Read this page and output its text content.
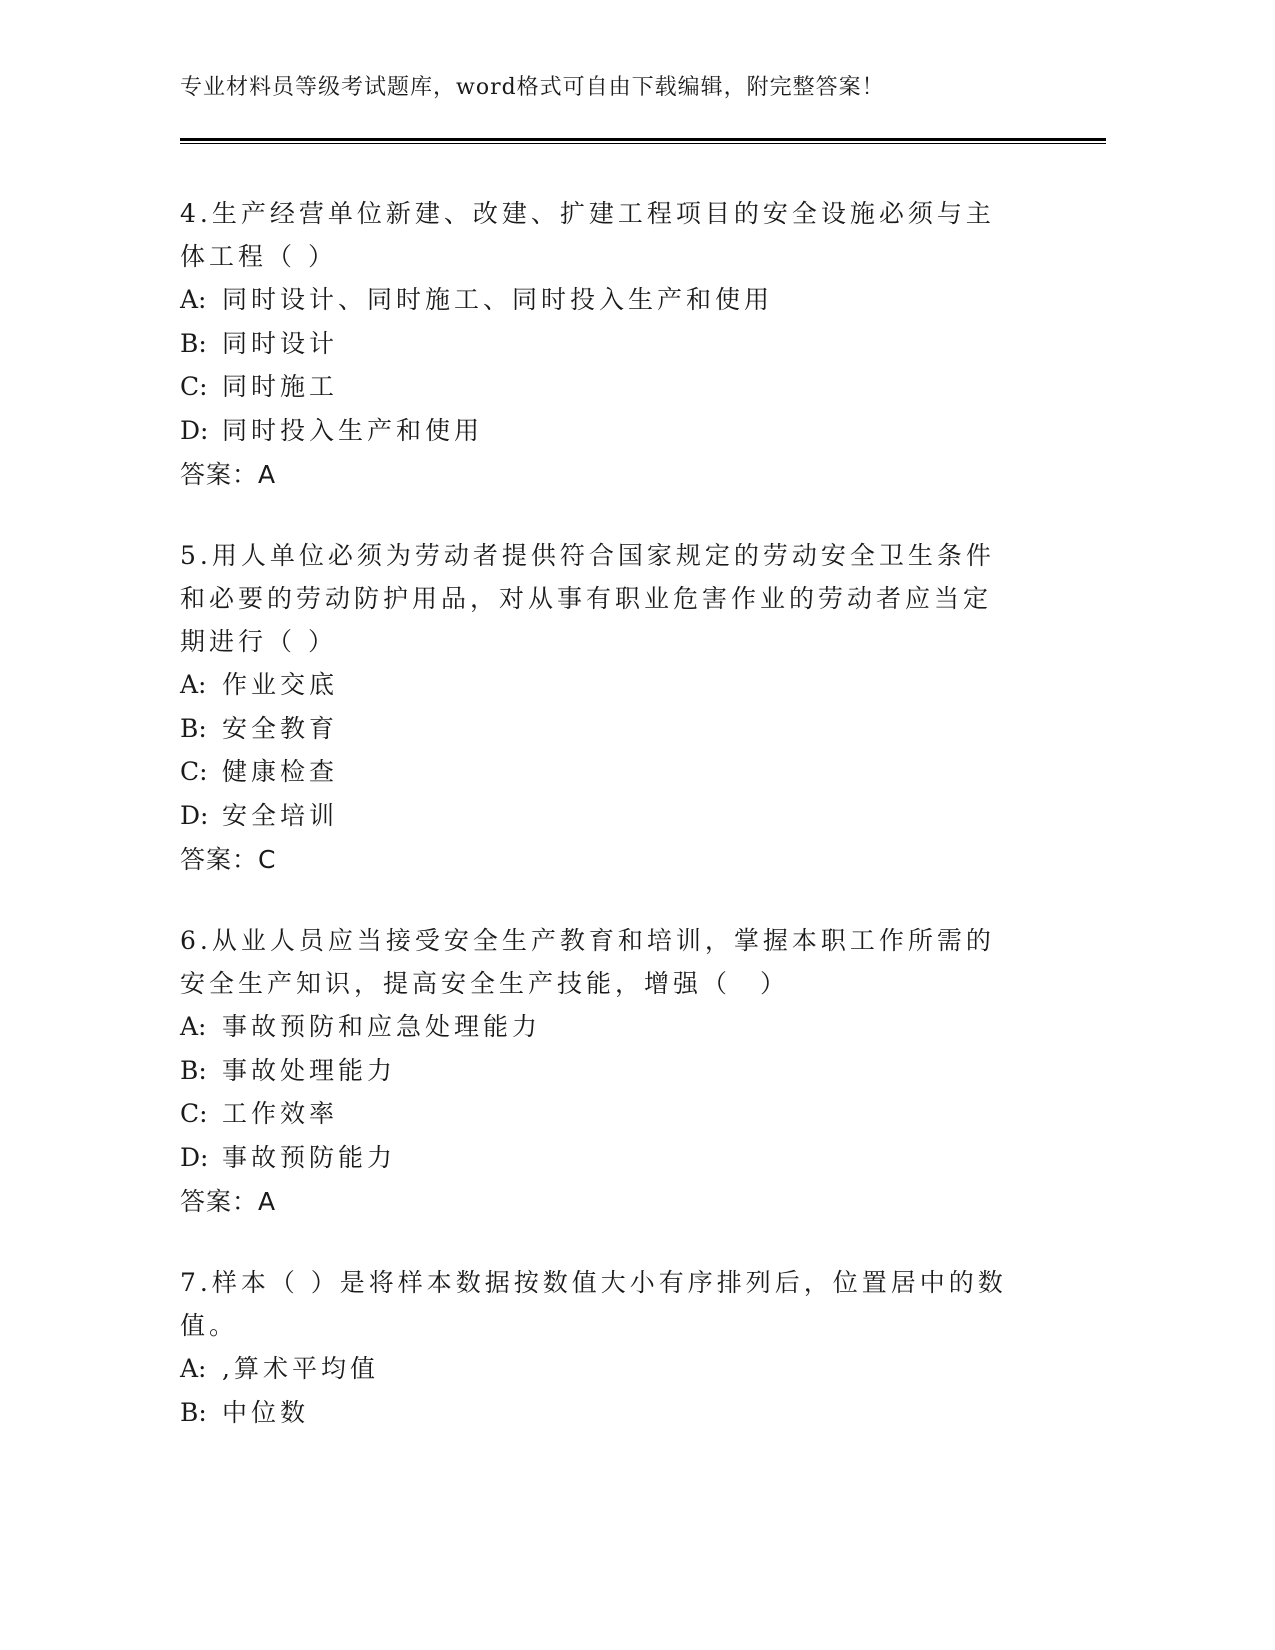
专业材料员等级考试题库，word格式可自由下载编辑，附完整答案！

4.生产经营单位新建、改建、扩建工程项目的安全设施必须与主体工程（ ）

A: 同时设计、同时施工、同时投入生产和使用
B: 同时设计
C: 同时施工
D: 同时投入生产和使用
答案：A

5.用人单位必须为劳动者提供符合国家规定的劳动安全卫生条件和必要的劳动防护用品，对从事有职业危害作业的劳动者应当定期进行（ ）

A: 作业交底
B: 安全教育
C: 健康检查
D: 安全培训
答案：C

6.从业人员应当接受安全生产教育和培训，掌握本职工作所需的安全生产知识，提高安全生产技能，增强（　）

A: 事故预防和应急处理能力
B: 事故处理能力
C: 工作效率
D: 事故预防能力
答案：A

7.样本（ ）是将样本数据按数值大小有序排列后，位置居中的数值。

A: ,算术平均值
B: 中位数
